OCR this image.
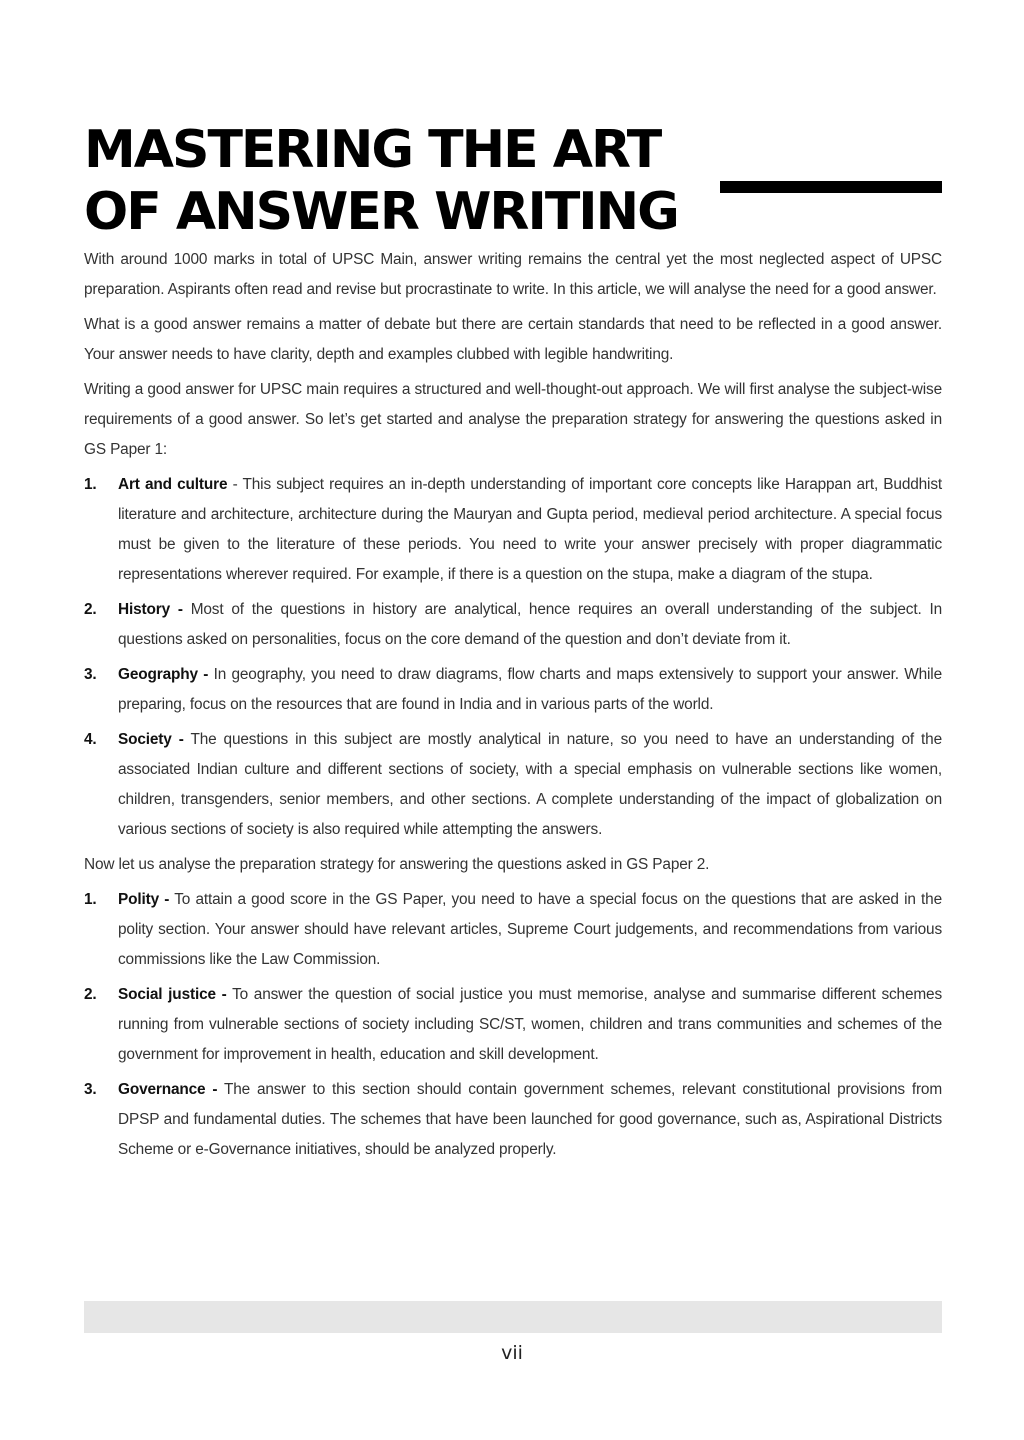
MASTERING THE ART
OF ANSWER WRITING

With around 1000 marks in total of UPSC Main, answer writing remains the central yet the most neglected aspect of UPSC preparation. Aspirants often read and revise but procrastinate to write. In this article, we will analyse the need for a good answer.

What is a good answer remains a matter of debate but there are certain standards that need to be reflected in a good answer. Your answer needs to have clarity, depth and examples clubbed with legible handwriting.

Writing a good answer for UPSC main requires a structured and well-thought-out approach. We will first analyse the subject-wise requirements of a good answer. So let’s get started and analyse the preparation strategy for answering the questions asked in GS Paper 1:

1. Art and culture - This subject requires an in-depth understanding of important core concepts like Harappan art, Buddhist literature and architecture, architecture during the Mauryan and Gupta period, medieval period architecture. A special focus must be given to the literature of these periods. You need to write your answer precisely with proper diagrammatic representations wherever required. For example, if there is a question on the stupa, make a diagram of the stupa.
2. History - Most of the questions in history are analytical, hence requires an overall understanding of the subject. In questions asked on personalities, focus on the core demand of the question and don’t deviate from it.
3. Geography - In geography, you need to draw diagrams, flow charts and maps extensively to support your answer. While preparing, focus on the resources that are found in India and in various parts of the world.
4. Society - The questions in this subject are mostly analytical in nature, so you need to have an understanding of the associated Indian culture and different sections of society, with a special emphasis on vulnerable sections like women, children, transgenders, senior members, and other sections. A complete understanding of the impact of globalization on various sections of society is also required while attempting the answers.

Now let us analyse the preparation strategy for answering the questions asked in GS Paper 2.

1. Polity - To attain a good score in the GS Paper, you need to have a special focus on the questions that are asked in the polity section. Your answer should have relevant articles, Supreme Court judgements, and recommendations from various commissions like the Law Commission.
2. Social justice - To answer the question of social justice you must memorise, analyse and summarise different schemes running from vulnerable sections of society including SC/ST, women, children and trans communities and schemes of the government for improvement in health, education and skill development.
3. Governance - The answer to this section should contain government schemes, relevant constitutional provisions from DPSP and fundamental duties. The schemes that have been launched for good governance, such as, Aspirational Districts Scheme or e-Governance initiatives, should be analyzed properly.
vii
